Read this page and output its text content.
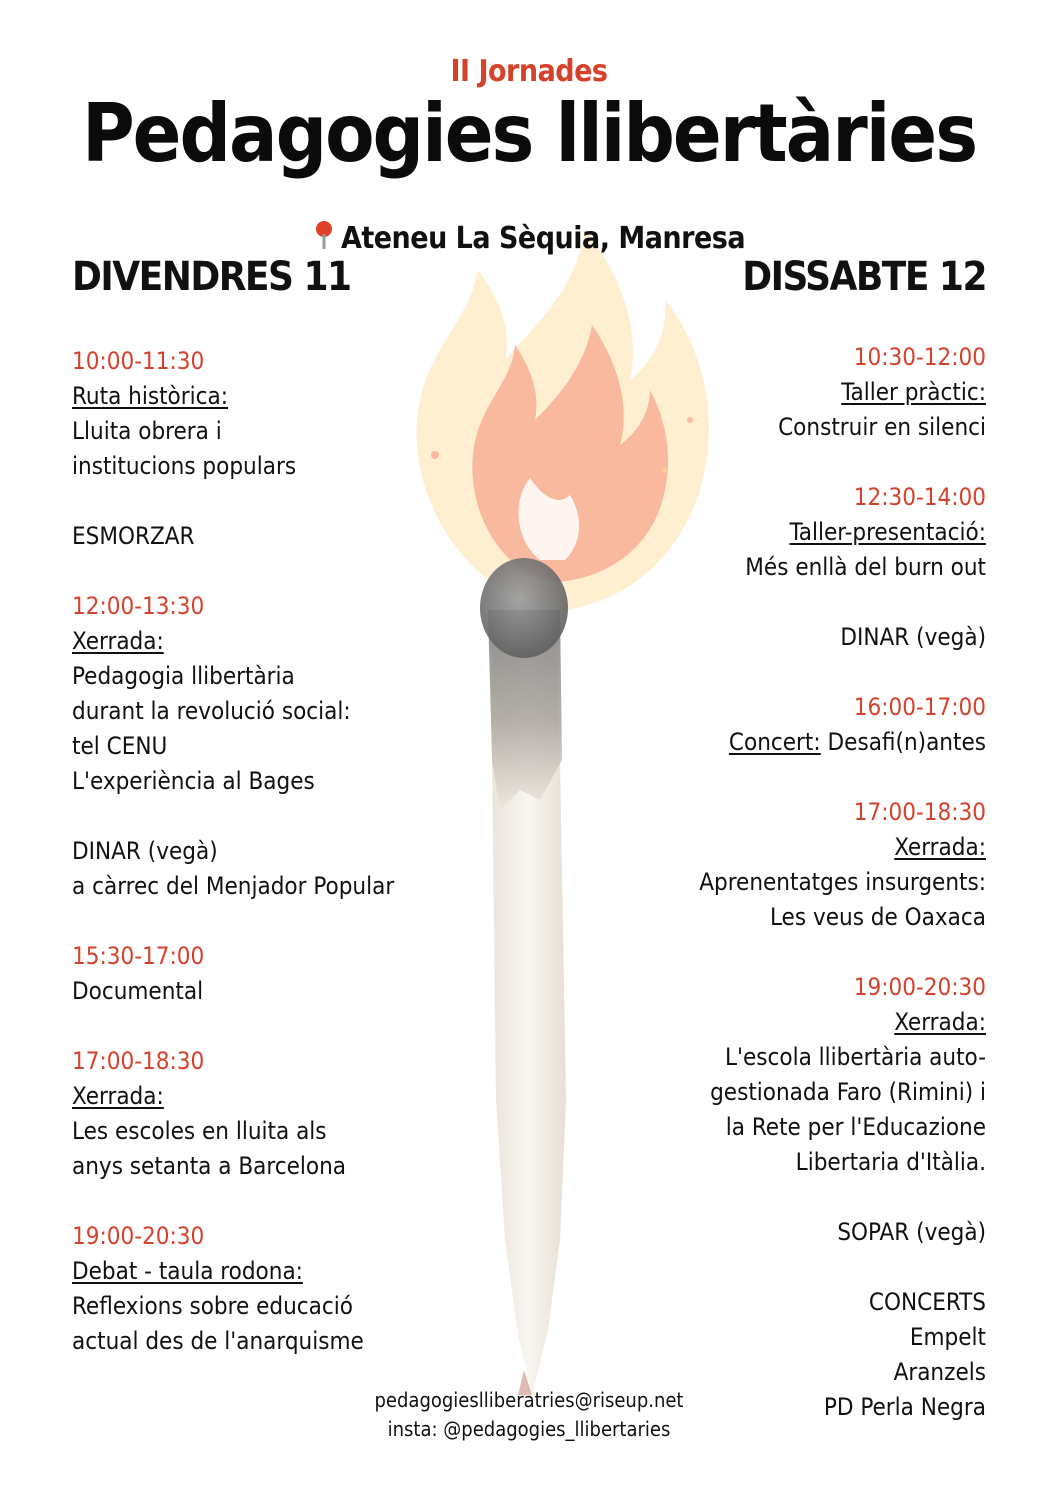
II Jornades
Pedagogies llibertàries
Ateneu La Sèquia, Manresa
DIVENDRES 11	DISSABTE 12
10:00-11:30
Ruta històrica:
Lluita obrera i
institucions populars
ESMORZAR
12:00-13:30
Xerrada:
Pedagogia llibertària
durant la revolució social:
tel CENU
L'experiència al Bages
DINAR (vegà)
a càrrec del Menjador Popular
15:30-17:00
Documental
17:00-18:30
Xerrada:
Les escoles en lluita als
anys setanta a Barcelona
19:00-20:30
Debat - taula rodona:
Reflexions sobre educació
actual des de l'anarquisme
10:30-12:00
Taller pràctic:
Construir en silenci
12:30-14:00
Taller-presentació:
Més enllà del burn out
DINAR (vegà)
16:00-17:00
Concert: Desafi(n)antes
17:00-18:30
Xerrada:
Aprenentatges insurgents:
Les veus de Oaxaca
19:00-20:30
Xerrada:
L'escola llibertària auto-
gestionada Faro (Rimini) i
la Rete per l'Educazione
Libertaria d'Itàlia.
SOPAR (vegà)
CONCERTS
Empelt
Aranzels
PD Perla Negra
pedagogieslliberatries@riseup.net
insta: @pedagogies_llibertaries
